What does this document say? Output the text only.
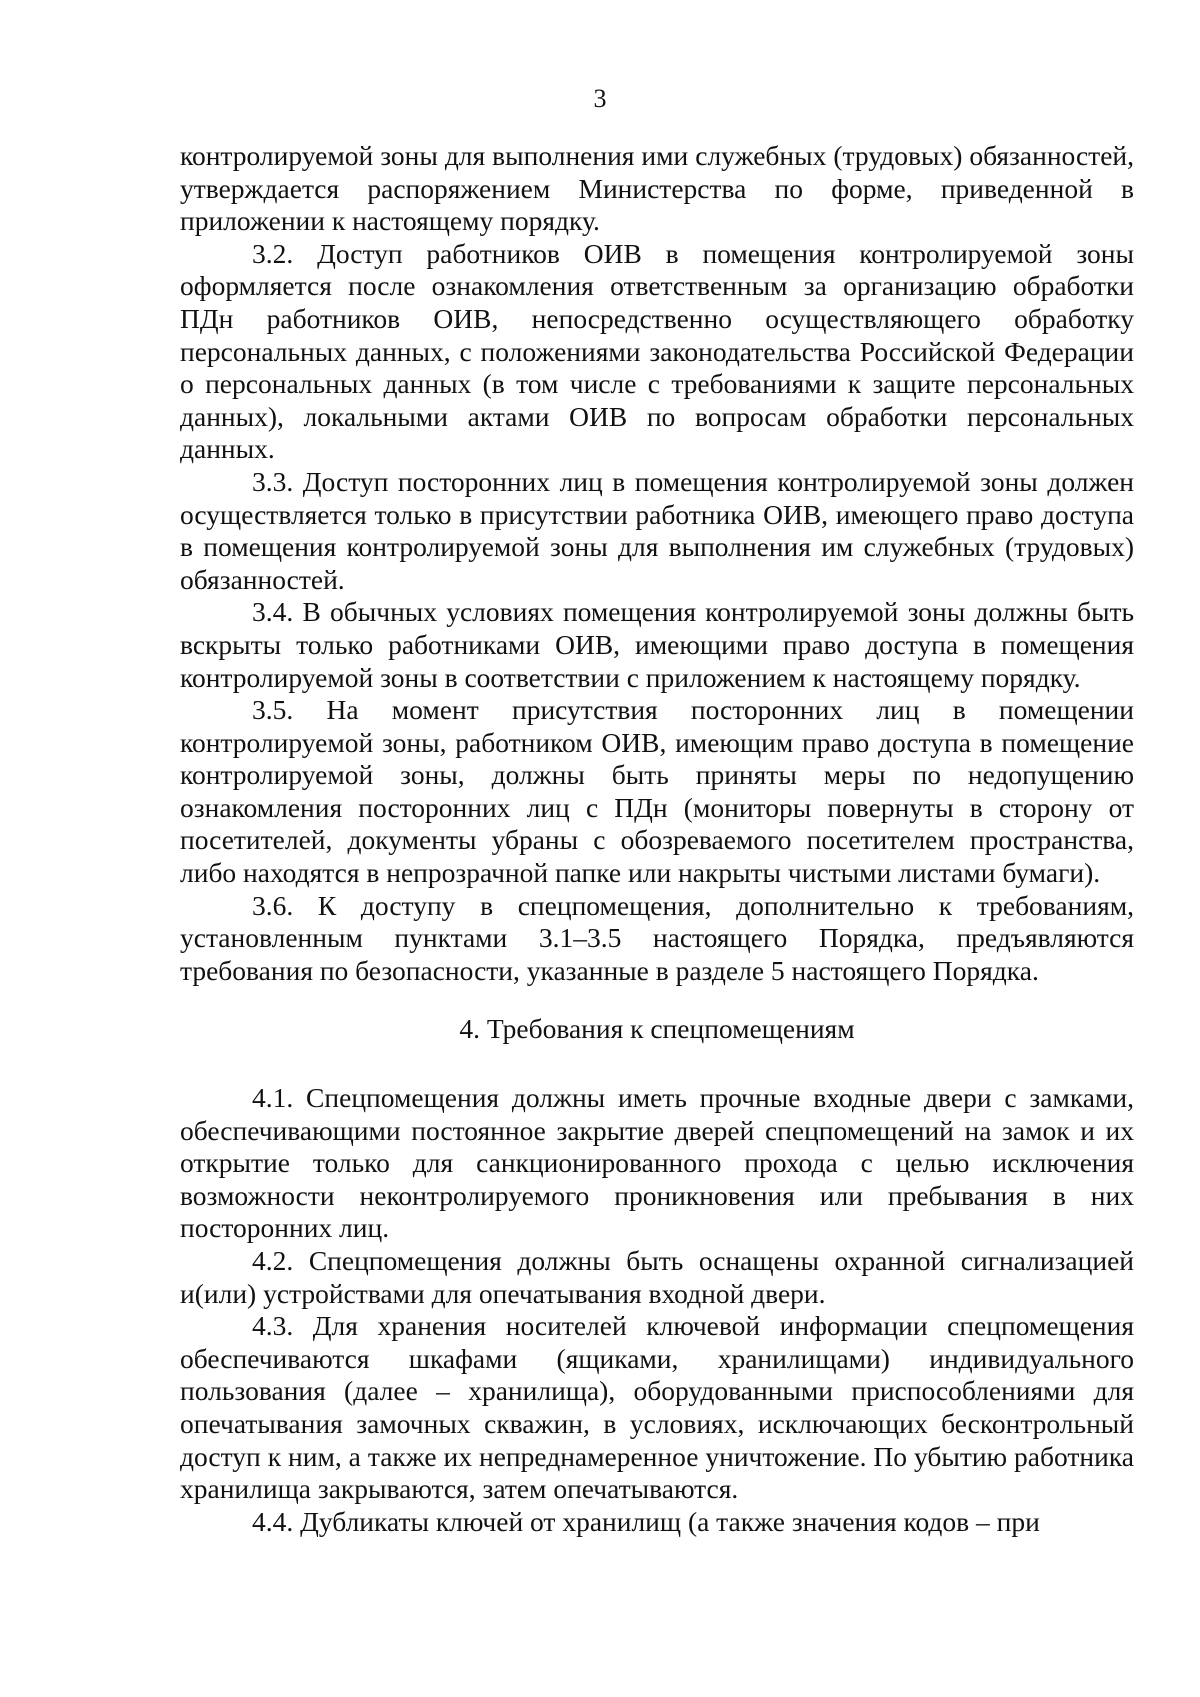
3

контролируемой зоны для выполнения ими служебных (трудовых) обязанностей, утверждается распоряжением Министерства по форме, приведенной в приложении к настоящему порядку.

3.2. Доступ работников ОИВ в помещения контролируемой зоны оформляется после ознакомления ответственным за организацию обработки ПДн работников ОИВ, непосредственно осуществляющего обработку персональных данных, с положениями законодательства Российской Федерации о персональных данных (в том числе с требованиями к защите персональных данных), локальными актами ОИВ по вопросам обработки персональных данных.

3.3. Доступ посторонних лиц в помещения контролируемой зоны должен осуществляется только в присутствии работника ОИВ, имеющего право доступа в помещения контролируемой зоны для выполнения им служебных (трудовых) обязанностей.

3.4. В обычных условиях помещения контролируемой зоны должны быть вскрыты только работниками ОИВ, имеющими право доступа в помещения контролируемой зоны в соответствии с приложением к настоящему порядку.

3.5. На момент присутствия посторонних лиц в помещении контролируемой зоны, работником ОИВ, имеющим право доступа в помещение контролируемой зоны, должны быть приняты меры по недопущению ознакомления посторонних лиц с ПДн (мониторы повернуты в сторону от посетителей, документы убраны с обозреваемого посетителем пространства, либо находятся в непрозрачной папке или накрыты чистыми листами бумаги).

3.6. К доступу в спецпомещения, дополнительно к требованиям, установленным пунктами 3.1–3.5 настоящего Порядка, предъявляются требования по безопасности, указанные в разделе 5 настоящего Порядка.

4. Требования к спецпомещениям

4.1. Спецпомещения должны иметь прочные входные двери с замками, обеспечивающими постоянное закрытие дверей спецпомещений на замок и их открытие только для санкционированного прохода с целью исключения возможности неконтролируемого проникновения или пребывания в них посторонних лиц.

4.2. Спецпомещения должны быть оснащены охранной сигнализацией и(или) устройствами для опечатывания входной двери.

4.3. Для хранения носителей ключевой информации спецпомещения обеспечиваются шкафами (ящиками, хранилищами) индивидуального пользования (далее – хранилища), оборудованными приспособлениями для опечатывания замочных скважин, в условиях, исключающих бесконтрольный доступ к ним, а также их непреднамеренное уничтожение. По убытию работника хранилища закрываются, затем опечатываются.

4.4. Дубликаты ключей от хранилищ (а также значения кодов – при
